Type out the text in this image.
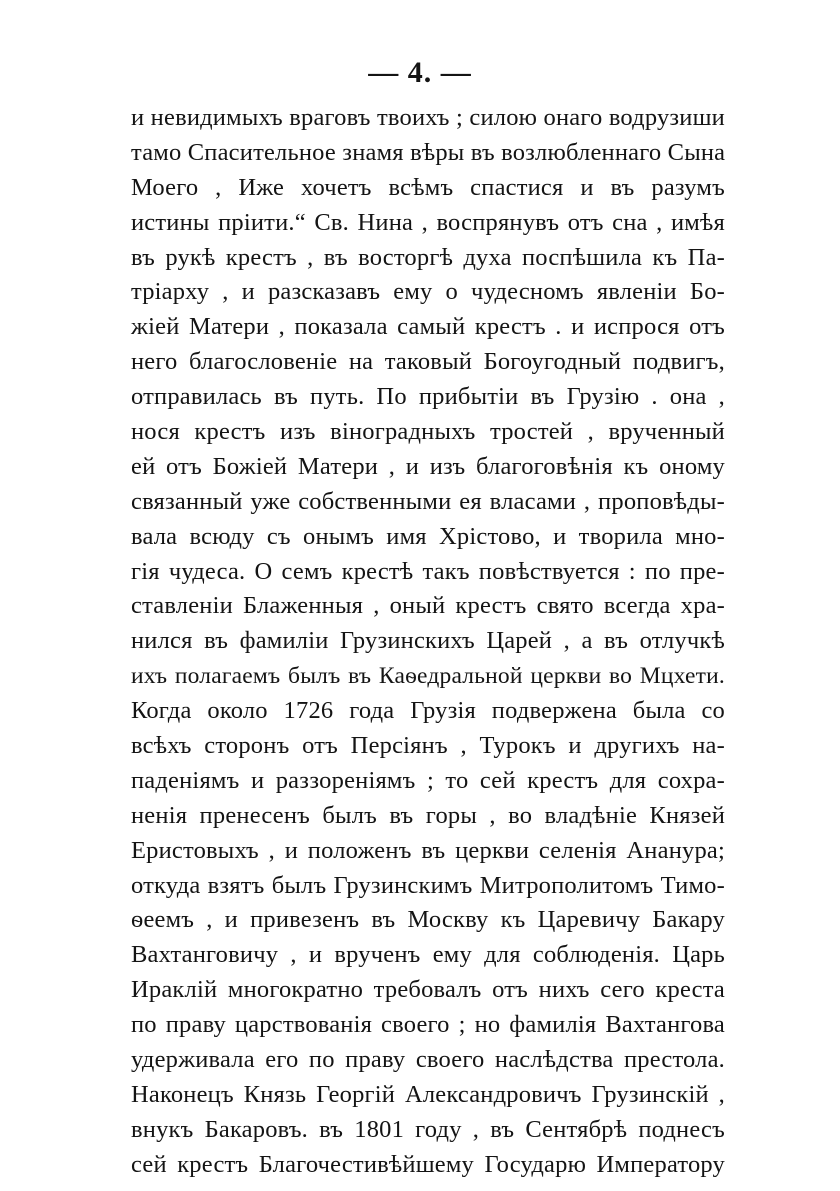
— 4. —
и невидимыхъ враговъ твоихъ ; силою онаго водрузиши
тамо Спасительное знамя вѣры въ возлюбленнаго Сына
Моего , Иже хочетъ всѣмъ спастися и въ разумъ
истины пріити.“ Св. Нина , воспрянувъ отъ сна , имѣя
въ рукѣ крестъ , въ восторгѣ духа поспѣшила къ Па-
тріарху , и разсказавъ ему о чудесномъ явленіи Бо-
жіей Матери , показала самый крестъ . и испрося отъ
него благословеніе на таковый Богоугодный подвигъ,
отправилась въ путь. По прибытіи въ Грузію . она ,
нося крестъ изъ віноградныхъ тростей , врученный
ей отъ Божіей Матери , и изъ благоговѣнія къ оному
связанный уже собственными ея власами , проповѣды-
вала всюду съ онымъ имя Хрістово, и творила мно-
гія чудеса. О семъ крестѣ такъ повѣствуется : по пре-
ставленіи Блаженныя , оный крестъ свято всегда хра-
нился въ фамиліи Грузинскихъ Царей , а въ отлучкѣ
ихъ полагаемъ былъ въ Каѳедральной церкви во Мцхети.
Когда около 1726 года Грузія подвержена была со
всѣхъ сторонъ отъ Персіянъ , Турокъ и другихъ на-
паденіямъ и раззореніямъ ; то сей крестъ для сохра-
ненія пренесенъ былъ въ горы , во владѣніе Князей
Еристовыхъ , и положенъ въ церкви селенія Ананура;
откуда взятъ былъ Грузинскимъ Митрополитомъ Тимо-
ѳеемъ , и привезенъ въ Москву къ Царевичу Бакару
Вахтанговичу , и врученъ ему для соблюденія. Царь
Ираклій многократно требовалъ отъ нихъ сего креста
по праву царствованія своего ; но фамилія Вахтангова
удерживала его по праву своего наслѣдства престола.
Наконецъ Князь Георгій Александровичъ Грузинскій ,
внукъ Бакаровъ. въ 1801 году , въ Сентябрѣ поднесъ
сей крестъ Благочестивѣйшему Государю Императору
